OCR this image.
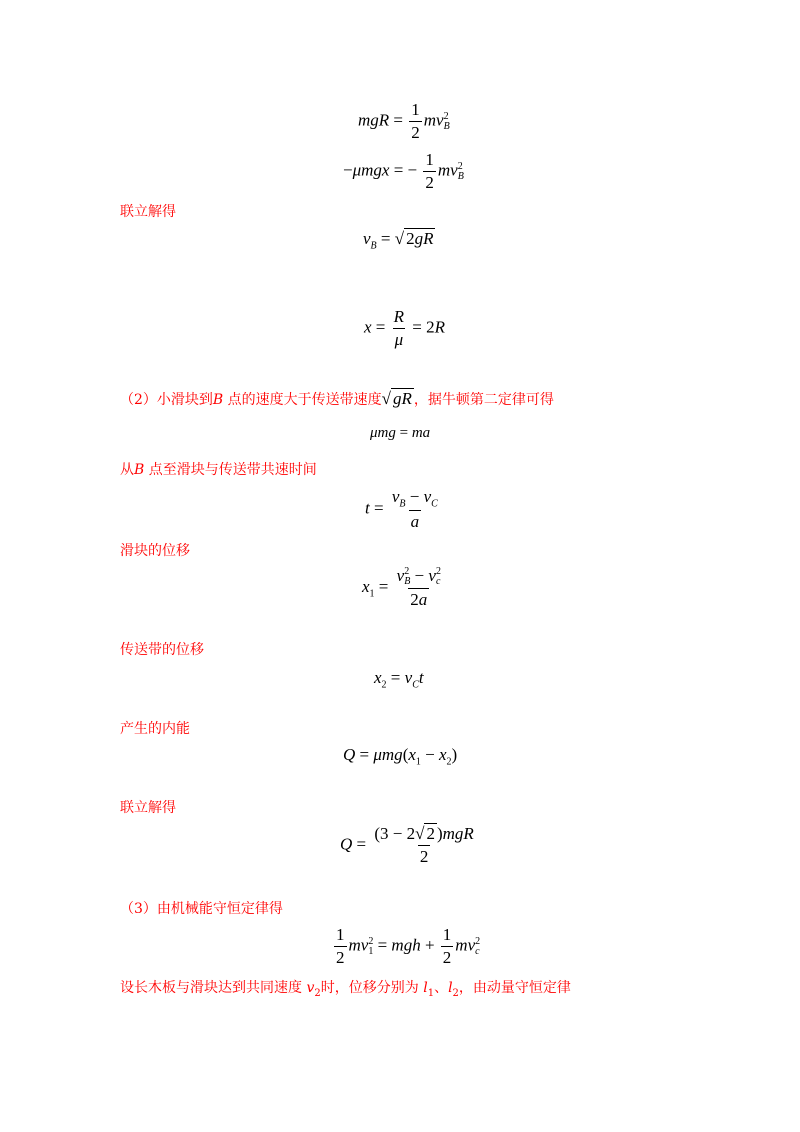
mgR = $\frac{1}{2}$ mv 2
B
−μmgx = − $\frac{1}{2}$ mv 2
B
联立解得
$v_B$ = √ 2gR
$x = \frac{R}{\mu} = 2R$
（2）小滑块到B 点的速度大于传送带速度√ gR ，据牛顿第二定律可得
μmg = ma
从B 点至滑块与传送带共速时间
$t = \frac{v_B - v_C}{a}$
滑块的位移
$x_1 = v$ 2
B − v 2
c
2a
传送带的位移
$x_2 = v_Ct$
产生的内能
$Q = \mu mg(x_1 - x_2)$
联立解得
$Q = \frac{\text{(3 − 2√ 2 )mgR}}{2}$
（3）由机械能守恒定律得
$\frac{1}{2}$ mv 2
1 = mgh + $\frac{1}{2}$ mv 2
c
设长木板与滑块达到共同速度 $v_2$时，位移分别为 $l_1$、$l_2$，由动量守恒定律
